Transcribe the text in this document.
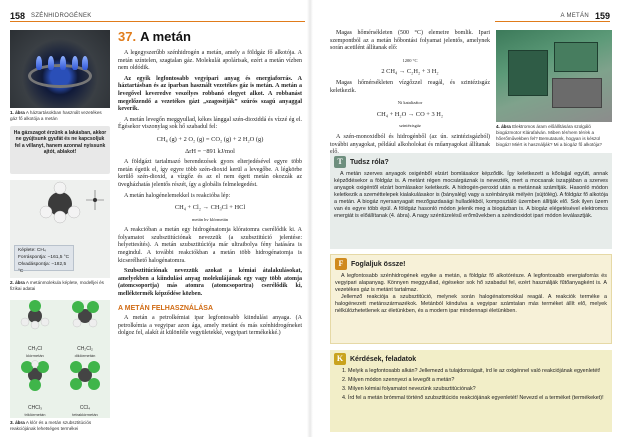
158 SZÉNHIDROGÉNEK	A METÁN 159
1. ábra A háztartásokban használt vezetékes gáz fő alkotója a metán
Ha gázszagot érzünk a lakásban, akkor ne gyújtsunk gyufát és ne kapcsoljuk fel a villanyt, hanem azonnal nyissunk ajtót, ablakot!
Képlete: CH₄
Forráspontja: −161,5 °C
Olvadáspontja: −182,5 °C
2. ábra A metánmolekula képlete, modelljei és fizikai adatai
CH₃Cl
klórmetán
CH₂Cl₂
diklórmetán
CHCl₃
triklórmetán
CCl₄
tetraklórmetán
3. ábra A klór és a metán szubsztitúciós reakciójának lehetséges termékei
37. A metán

A legegyszerűbb szénhidrogén a metán, amely a földgáz fő alkotója. A metán színtelen, szagtalan gáz. Molekulái apolárisak, ezért a metán vízben nem oldódik.

Az egyik legfontosabb vegyipari anyag és energiaforrás. A háztartásban és az iparban használt vezetékes gáz is metán. A metán a levegővel keveredve veszélyes robbanó elegyet alkot. A robbanást megelőzendő a vezetékes gázt „szagosítják” szúrós szagú anyaggal keverik.

A metán levegőn meggyullad, kékes lánggal szén-dioxiddá és vízzé ég el. Égésekor viszonylag sok hő szabadul fel:

CH₄ (g) + 2 O₂ (g) = CO₂ (g) + 2 H₂O (g)
ΔrH = −891 kJ/mol

A földgázt tartalmazó berendezések gyors elterjedésével egyre több metán égetik el, így egyre több szén-dioxid kerül a levegőbe. A légkörbe kerülő szén-dioxid, a vízgőz és az el nem égett metán okozzák az üvegházhatás jelentős részét, így a globális felmelegedést.

A metán halogénelemekkel is reakcióba lép:

CH₄ + Cl₂ → CH₃Cl + HCl
metán hv klórmetán

A reakcióban a metán egy hidrogénatomja klóratomra cserélődik ki. A folyamatot szubsztitúciónak nevezzük (a szubsztitúció jelentése: helyettesítés). A metán szubsztitúciója már ultraibolya fény hatására is megindul. A további reakciókban a metán több hidrogénatomja is kicserélhető halogénatomra.

Szubsztitúciónak nevezzük azokat a kémiai átalakulásokat, amelyekben a kiindulási anyag molekulájának egy vagy több atomja (atomcsoportja) más atomra (atomcsoportra) cserélődik ki, melléktermék képződése közben.

A METÁN FELHASZNÁLÁSA

A metán a petrolkémiai ipar legfontosabb kiindulási anyaga. (A petrolkémia a vegyipar azon ága, amely metánt és más szénhidrogéneket dolgoz fel, alakít át különféle vegyületekké, vegyipari termékekké.)

Magas hőmérsékleten (500 °C) elemeire bomlik. Ipari szempontból az a metán hőbontási folyamat jelentős, amelynek során acetilént állítanak elő:

1200 °C
2 CH₄ → C₂H₂ + 3 H₂

Magas hőmérsékleten vízgőzzel reagál, és szintézisgáz keletkezik.

Ni katalizátor
CH₄ + H₂O → CO + 3 H₂
szintézisgáz

A szén-monoxidból és hidrogénből (az ún. szintézisgázból) további anyagokat, például alkoholokat és műanyagokat állítanak

4. ábra Elektromos áram előállítására szolgáló biogázmotor Klárafalván. Miben tér/nem tér/ek a hőerőművekben fel? Bemutatunk, hogyan is készül biogáz! Miért is használják? Mi a biogáz fő alkotója?
T	Tudsz róla?

A metán szerves anyagok oxigénből elzárt bomlásakor képződik. Így keletkezett a kőolajjal együtt, annak képződésekor a földgáz is. A metánt régen mocsárgáznak is nevezték, mert a mocsarak iszapjában a szerves anyagok oxigéntől elzárt bomlásakor keletkezik. A hidrogén-peroxid után a metánnak számítják. Hasonló módon keletkezik a szeméttelepek kialakulásakor is (bányalég) vagy a szénbányák mélyén (sújtólég). A földgáz fő alkotója a metán. A biogáz nyersanyagait mezőgazdasági hulladékból, komposztáló üzemben állítják elő. Sok ilyen üzem van és egyre több épül. A földgáz hasonló módon jelenik meg a biogázban is. A biogáz elégetésével elektromos energiát is előállítanak (4. ábra). A nagy széntüzelésű erőművekben a széndioxidot ipari módon leválasztják.

F	Foglaljuk össze!

A legfontosabb szénhidrogének egyike a metán, a földgáz fő alkotórésze. A legfontosabb energiaforrás és vegyipari alapanyag. Könnyen meggyullad, égésekor sok hő szabadul fel, ezért használják fűtőanyagként is. A vezetékes gáz is metánt tartalmaz.

Jellemző reakciója a szubsztitúció, melynek során halogénatomokkal reagál. A reakciók terméke a halogénezett metánszármazékok. Metánból kiindulva a vegyipar számtalan más terméket állít elő, melyek nélkülözhetetlenek az életünkben, és a modern ipar mindennapi életünkben.

K Kérdések, feladatok
1. Melyik a legfontosabb alkán? Jellemezd a tulajdonságait, írd le az oxigénnel való reakciójának egyenletét!
2. Milyen módon szennyezi a levegőt a metán?
3. Milyen kémiai folyamatot nevezünk szubsztitúciónak?
4. Írd fel a metán brómmal történő szubsztitúciós reakciójának egyenletét! Nevezd el a terméket (termékeket)!
